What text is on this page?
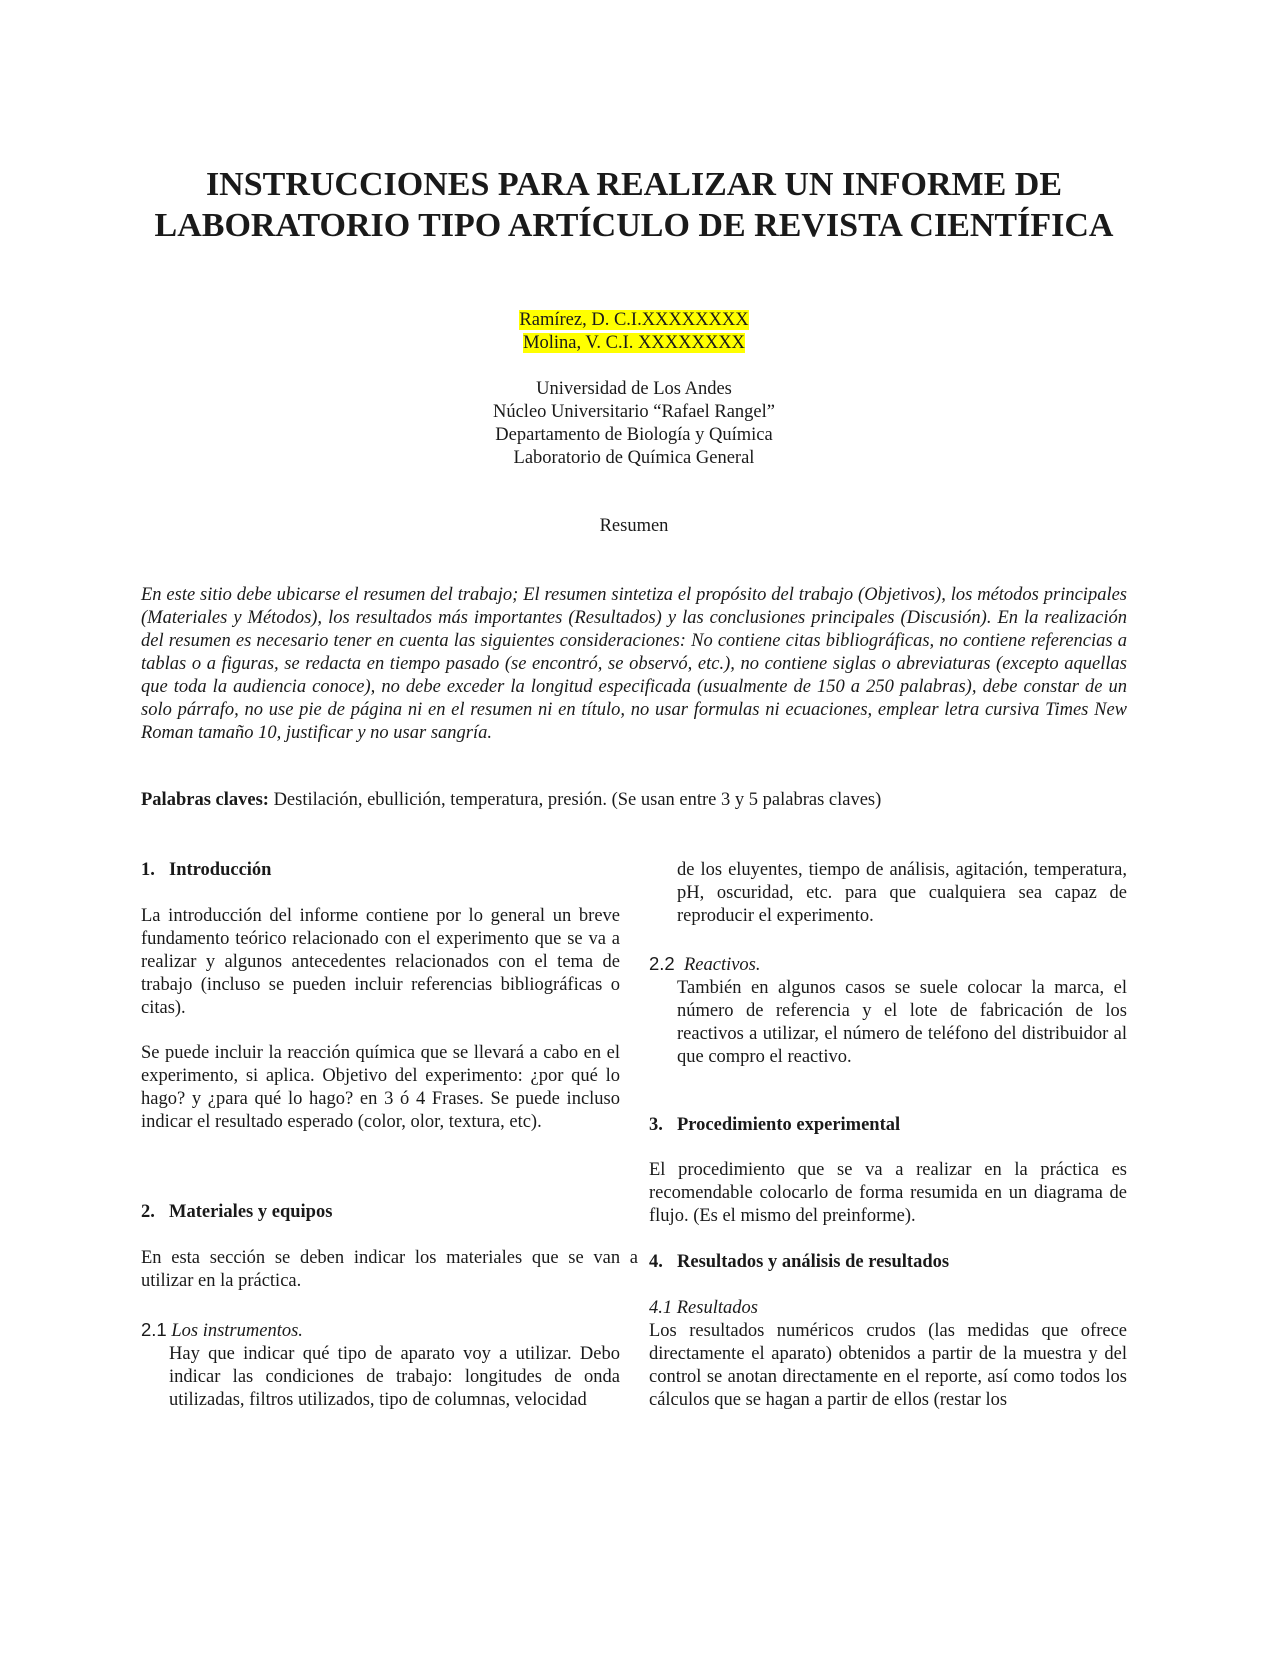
INSTRUCCIONES PARA REALIZAR UN INFORME DE LABORATORIO TIPO ARTÍCULO DE REVISTA CIENTÍFICA
Ramírez, D. C.I.XXXXXXXX
Molina, V. C.I. XXXXXXXX
Universidad de Los Andes
Núcleo Universitario “Rafael Rangel”
Departamento de Biología y Química
Laboratorio de Química General
Resumen
En este sitio debe ubicarse el resumen del trabajo; El resumen sintetiza el propósito del trabajo (Objetivos), los métodos principales (Materiales y Métodos), los resultados más importantes (Resultados) y las conclusiones principales (Discusión). En la realización del resumen es necesario tener en cuenta las siguientes consideraciones: No contiene citas bibliográficas, no contiene referencias a tablas o a figuras, se redacta en tiempo pasado (se encontró, se observó, etc.), no contiene siglas o abreviaturas (excepto aquellas que toda la audiencia conoce), no debe exceder la longitud especificada (usualmente de 150 a 250 palabras), debe constar de un solo párrafo, no use pie de página ni en el resumen ni en título, no usar formulas ni ecuaciones, emplear letra cursiva Times New Roman tamaño 10, justificar y no usar sangría.
Palabras claves: Destilación, ebullición, temperatura, presión. (Se usan entre 3 y 5 palabras claves)
1. Introducción
La introducción del informe contiene por lo general un breve fundamento teórico relacionado con el experimento que se va a realizar y algunos antecedentes relacionados con el tema de trabajo (incluso se pueden incluir referencias bibliográficas o citas).
Se puede incluir la reacción química que se llevará a cabo en el experimento, si aplica. Objetivo del experimento: ¿por qué lo hago? y ¿para qué lo hago? en 3 ó 4 Frases. Se puede incluso indicar el resultado esperado (color, olor, textura, etc).
2. Materiales y equipos
En esta sección se deben indicar los materiales que se van a utilizar en la práctica.
2.1 Los instrumentos.
Hay que indicar qué tipo de aparato voy a utilizar. Debo indicar las condiciones de trabajo: longitudes de onda utilizadas, filtros utilizados, tipo de columnas, velocidad
de los eluyentes, tiempo de análisis, agitación, temperatura, pH, oscuridad, etc. para que cualquiera sea capaz de reproducir el experimento.
2.2 Reactivos.
También en algunos casos se suele colocar la marca, el número de referencia y el lote de fabricación de los reactivos a utilizar, el número de teléfono del distribuidor al que compro el reactivo.
3. Procedimiento experimental
El procedimiento que se va a realizar en la práctica es recomendable colocarlo de forma resumida en un diagrama de flujo. (Es el mismo del preinforme).
4. Resultados y análisis de resultados
4.1 Resultados
Los resultados numéricos crudos (las medidas que ofrece directamente el aparato) obtenidos a partir de la muestra y del control se anotan directamente en el reporte, así como todos los cálculos que se hagan a partir de ellos (restar los
